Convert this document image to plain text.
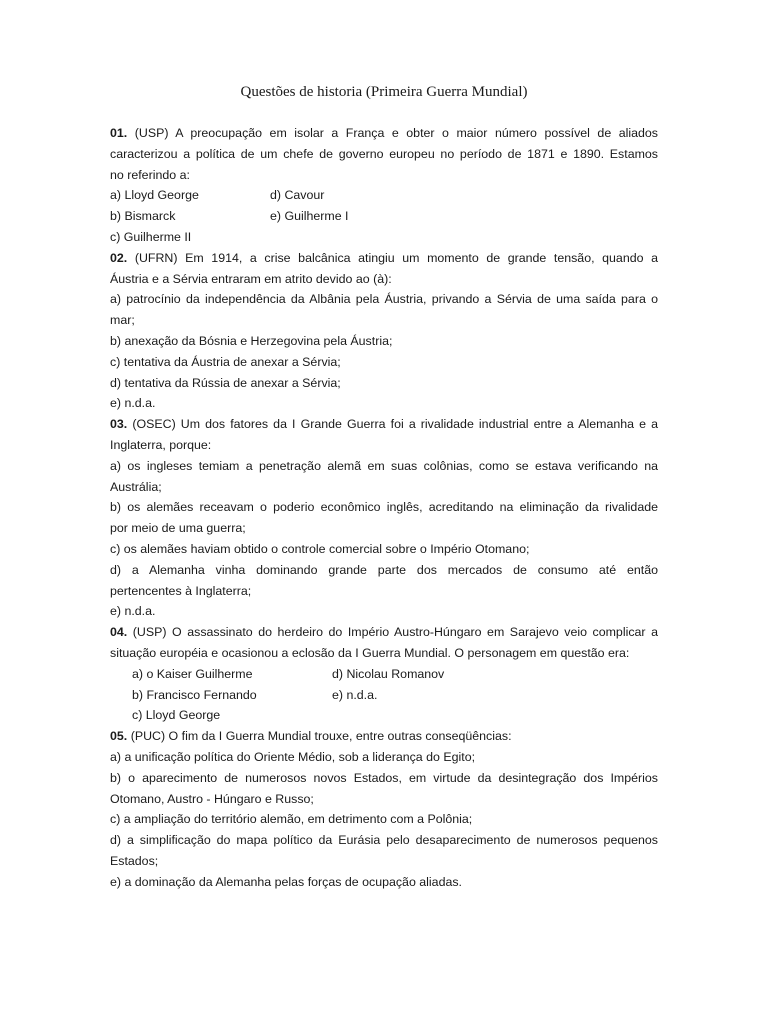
Questões de historia (Primeira Guerra Mundial)
01. (USP) A preocupação em isolar a França e obter o maior número possível de aliados
caracterizou a política de um chefe de governo europeu no período de 1871 e 1890. Estamos
no referindo a:
a) Lloyd George	d) Cavour
b) Bismarck	e) Guilherme I
c) Guilherme II
02. (UFRN) Em 1914, a crise balcânica atingiu um momento de grande tensão, quando a
Áustria e a Sérvia entraram em atrito devido ao (à):
a) patrocínio da independência da Albânia pela Áustria, privando a Sérvia de uma saída para o
mar;
b) anexação da Bósnia e Herzegovina pela Áustria;
c) tentativa da Áustria de anexar a Sérvia;
d) tentativa da Rússia de anexar a Sérvia;
e) n.d.a.
03. (OSEC) Um dos fatores da I Grande Guerra foi a rivalidade industrial entre a Alemanha e a
Inglaterra, porque:
a) os ingleses temiam a penetração alemã em suas colônias, como se estava verificando na
Austrália;
b) os alemães receavam o poderio econômico inglês, acreditando na eliminação da rivalidade
por meio de uma guerra;
c) os alemães haviam obtido o controle comercial sobre o Império Otomano;
d) a Alemanha vinha dominando grande parte dos mercados de consumo até então
pertencentes à Inglaterra;
e) n.d.a.
04. (USP) O assassinato do herdeiro do Império Austro-Húngaro em Sarajevo veio complicar a
situação européia e ocasionou a eclosão da I Guerra Mundial. O personagem em questão era:
a) o Kaiser Guilherme	d) Nicolau Romanov
b) Francisco Fernando	e) n.d.a.
c) Lloyd George
05. (PUC) O fim da I Guerra Mundial trouxe, entre outras conseqüências:
a) a unificação política do Oriente Médio, sob a liderança do Egito;
b) o aparecimento de numerosos novos Estados, em virtude da desintegração dos Impérios
Otomano, Austro - Húngaro e Russo;
c) a ampliação do território alemão, em detrimento com a Polônia;
d) a simplificação do mapa político da Eurásia pelo desaparecimento de numerosos pequenos
Estados;
e) a dominação da Alemanha pelas forças de ocupação aliadas.
